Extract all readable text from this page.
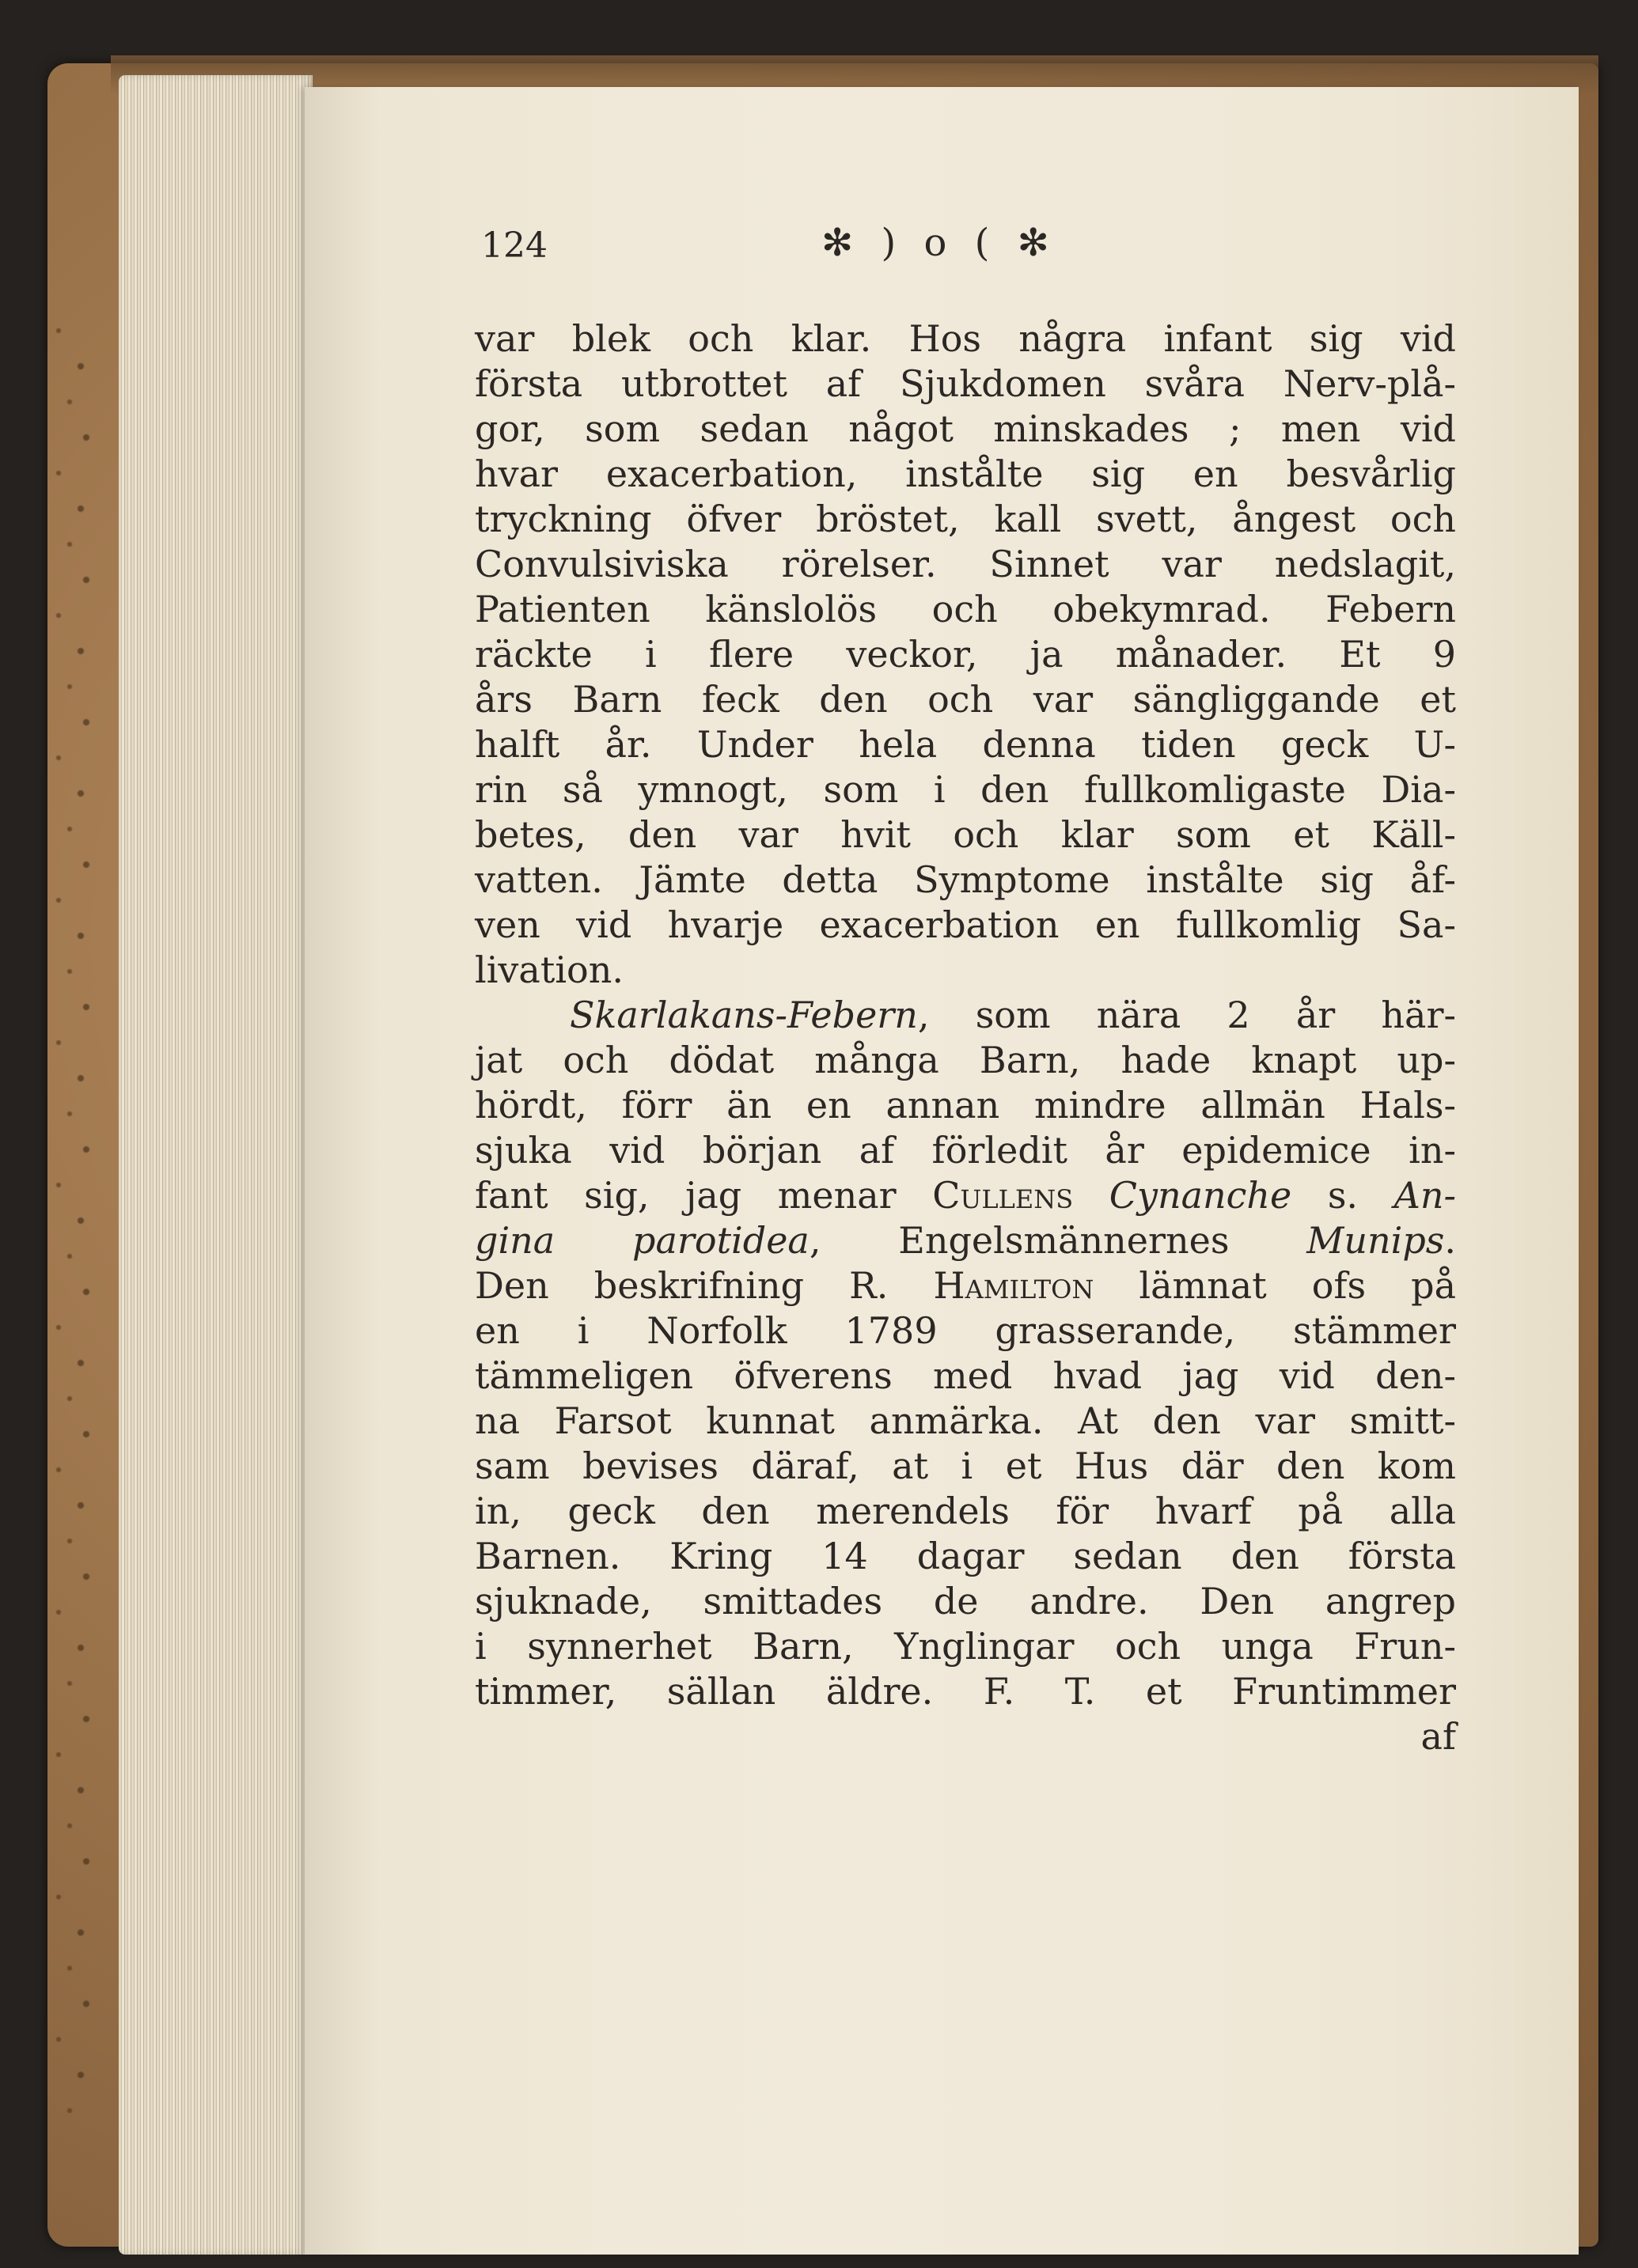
124	✻ ) o ( ✻
var blek och klar. Hos några infant sig vid
första utbrottet af Sjukdomen svåra Nerv-plå-
gor, som sedan något minskades ; men vid
hvar exacerbation, instålte sig en besvårlig
tryckning öfver bröstet, kall svett, ångest och
Convulsiviska rörelser. Sinnet var nedslagit,
Patienten känslolös och obekymrad. Febern
räckte i flere veckor, ja månader. Et 9
års Barn feck den och var sängliggande et
halft år. Under hela denna tiden geck U-
rin så ymnogt, som i den fullkomligaste Dia-
betes, den var hvit och klar som et Käll-
vatten. Jämte detta Symptome instålte sig åf-
ven vid hvarje exacerbation en fullkomlig Sa-
livation.
Skarlakans-Febern, som nära 2 år här-
jat och dödat många Barn, hade knapt up-
hördt, förr än en annan mindre allmän Hals-
sjuka vid början af förledit år epidemice in-
fant sig, jag menar Cullens Cynanche s. An-
gina parotidea, Engelsmännernes Munips.
Den beskrifning R. Hamilton lämnat ofs på
en i Norfolk 1789 grasserande, stämmer
tämmeligen öfverens med hvad jag vid den-
na Farsot kunnat anmärka. At den var smitt-
sam bevises däraf, at i et Hus där den kom
in, geck den merendels för hvarf på alla
Barnen. Kring 14 dagar sedan den första
sjuknade, smittades de andre. Den angrep
i synnerhet Barn, Ynglingar och unga Frun-
timmer, sällan äldre. F. T. et Fruntimmer
af
